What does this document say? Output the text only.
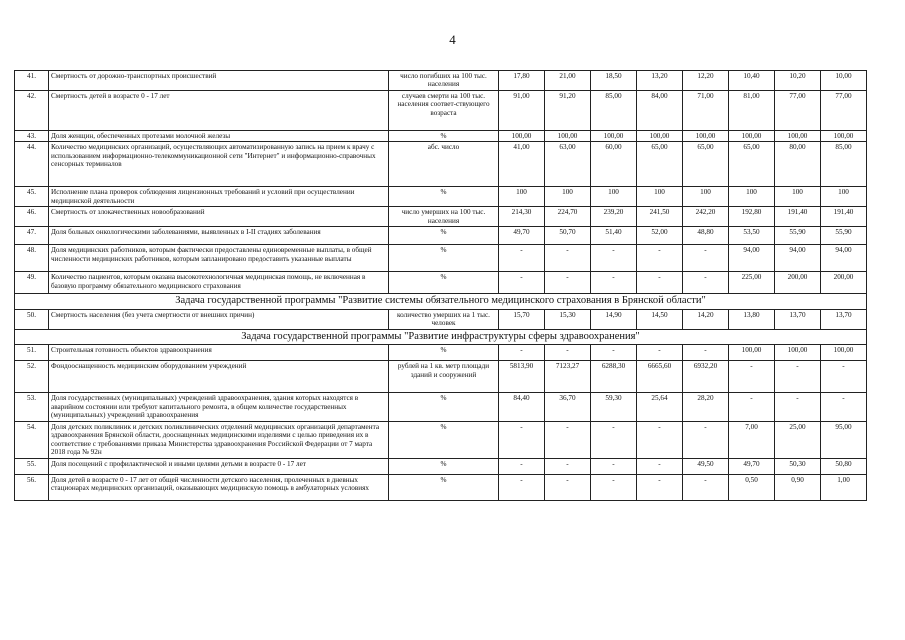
4
41.	Смертность от дорожно-транспортных происшествий	число погибших на 100 тыс. населения	17,80	21,00	18,50	13,20	12,20	10,40	10,20	10,00
42.	Смертность детей в возрасте 0 - 17 лет	случаев смерти на 100 тыс. населения соответ-ствующего возраста	91,00	91,20	85,00	84,00	71,00	81,00	77,00	77,00
43.	Доля женщин, обеспеченных протезами молочной железы	%	100,00	100,00	100,00	100,00	100,00	100,00	100,00	100,00
44.	Количество медицинских организаций, осуществляющих автоматизированную запись на прием к врачу с использованием информационно-телекоммуникационной сети "Интернет" и информационно-справочных сенсорных терминалов	абс. число	41,00	63,00	60,00	65,00	65,00	65,00	80,00	85,00
45.	Исполнение плана проверок соблюдения лицензионных требований и условий при осуществлении медицинской деятельности	%	100	100	100	100	100	100	100	100
46.	Смертность от злокачественных новообразований	число умерших на 100 тыс. населения	214,30	224,70	239,20	241,50	242,20	192,80	191,40	191,40
47.	Доля больных онкологическими заболеваниями, выявленных в I-II стадиях заболевания	%	49,70	50,70	51,40	52,00	48,80	53,50	55,90	55,90
48.	Доля медицинских работников, которым фактически предоставлены единовременные выплаты, в общей численности медицинских работников, которым запланировано предоставить указанные выплаты	%	-	-	-	-	-	94,00	94,00	94,00
49.	Количество пациентов, которым оказана высокотехнологичная медицинская помощь, не включенная в базовую программу обязательного медицинского страхования	%	-	-	-	-	-	225,00	200,00	200,00
Задача государственной программы "Развитие системы обязательного медицинского страхования в Брянской области"										
50.	Смертность населения (без учета смертности от внешних причин)	количество умерших на 1 тыс. человек	15,70	15,30	14,90	14,50	14,20	13,80	13,70	13,70
Задача государственной программы "Развитие инфраструктуры сферы здравоохранения"										
51.	Строительная готовность объектов здравоохранения	%	-	-	-	-	-	100,00	100,00	100,00
52.	Фондооснащенность медицинским оборудованием учреждений	рублей на 1 кв. метр площади зданий и сооружений	5813,90	7123,27	6288,30	6665,60	6932,20	-	-	-
53.	Доля государственных (муниципальных) учреждений здравоохранения, здания которых находятся в аварийном состоянии или требуют капитального ремонта, в общем количестве государственных (муниципальных) учреждений здравоохранения	%	84,40	36,70	59,30	25,64	28,20	-	-	-
54.	Доля детских поликлиник и детских поликлинических отделений медицинских организаций департамента здравоохранения Брянской области, дооснащенных медицинскими изделиями с целью приведения их в соответствие с требованиями приказа Министерства здравоохранения Российской Федерации от 7 марта 2018 года № 92н	%	-	-	-	-	-	7,00	25,00	95,00
55.	Доля посещений с профилактической и иными целями детьми в возрасте 0 - 17 лет	%	-	-	-	-	49,50	49,70	50,30	50,80
56.	Доля детей в возрасте 0 - 17 лет от общей численности детского населения, пролеченных в дневных стационарах медицинских организаций, оказывающих медицинскую помощь в амбулаторных условиях	%	-	-	-	-	-	0,50	0,90	1,00
